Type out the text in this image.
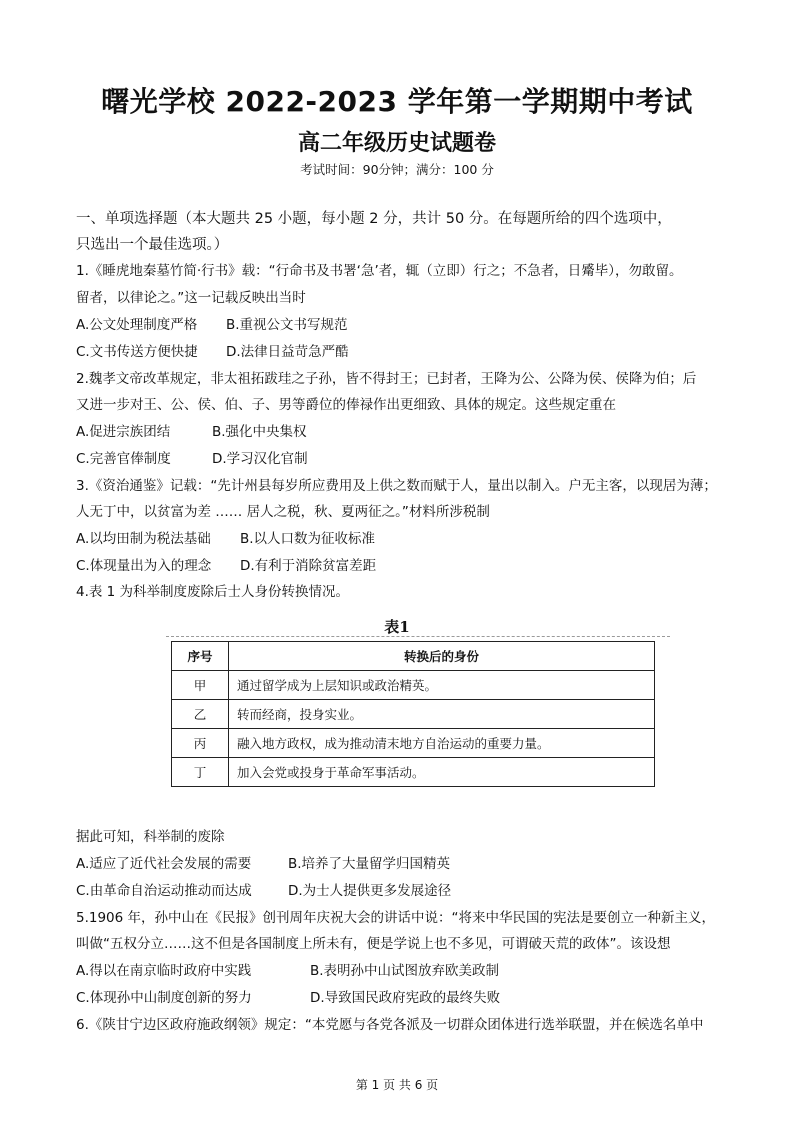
曙光学校 2022-2023 学年第一学期期中考试
高二年级历史试题卷
考试时间：90分钟；满分：100 分
一、单项选择题（本大题共 25 小题，每小题 2 分，共计 50 分。在每题所给的四个选项中，
只选出一个最佳选项。）
1.《睡虎地秦墓竹简·行书》载：“行命书及书署‘急’者，辄（立即）行之；不急者，日觱毕），勿敢留。
留者，以律论之。”这一记载反映出当时
A.公文处理制度严格 B.重视公文书写规范
C.文书传送方便快捷 D.法律日益苛急严酷
2.魏孝文帝改革规定，非太祖拓跋珪之子孙，皆不得封王；已封者，王降为公、公降为侯、侯降为伯；后
又进一步对王、公、侯、伯、子、男等爵位的俸禄作出更细致、具体的规定。这些规定重在
A.促进宗族团结	B.强化中央集权
C.完善官俸制度	D.学习汉化官制
3.《资治通鉴》记载：“先计州县每岁所应费用及上供之数而赋于人，量出以制入。户无主客，以现居为薄；
人无丁中，以贫富为差 …… 居人之税，秋、夏两征之。”材料所涉税制
A.以均田制为税法基础 B.以人口数为征收标准
C.体现量出为入的理念 D.有利于消除贫富差距
4.表 1 为科举制度废除后士人身份转换情况。
表1
序号	转换后的身份
甲	通过留学成为上层知识或政治精英。
乙	转而经商，投身实业。
丙	融入地方政权，成为推动清末地方自治运动的重要力量。
丁	加入会党或投身于革命军事活动。
据此可知，科举制的废除
A.适应了近代社会发展的需要	B.培养了大量留学归国精英
C.由革命自治运动推动而达成	D.为士人提供更多发展途径
5.1906 年，孙中山在《民报》创刊周年庆祝大会的讲话中说：“将来中华民国的宪法是要创立一种新主义，
叫做“五权分立……这不但是各国制度上所未有，便是学说上也不多见，可谓破天荒的政体”。该设想
A.得以在南京临时政府中实践	B.表明孙中山试图放弃欧美政制
C.体现孙中山制度创新的努力	D.导致国民政府宪政的最终失败
6.《陕甘宁边区政府施政纲领》规定：“本党愿与各党各派及一切群众团体进行选举联盟，并在候选名单中
第 1 页 共 6 页
